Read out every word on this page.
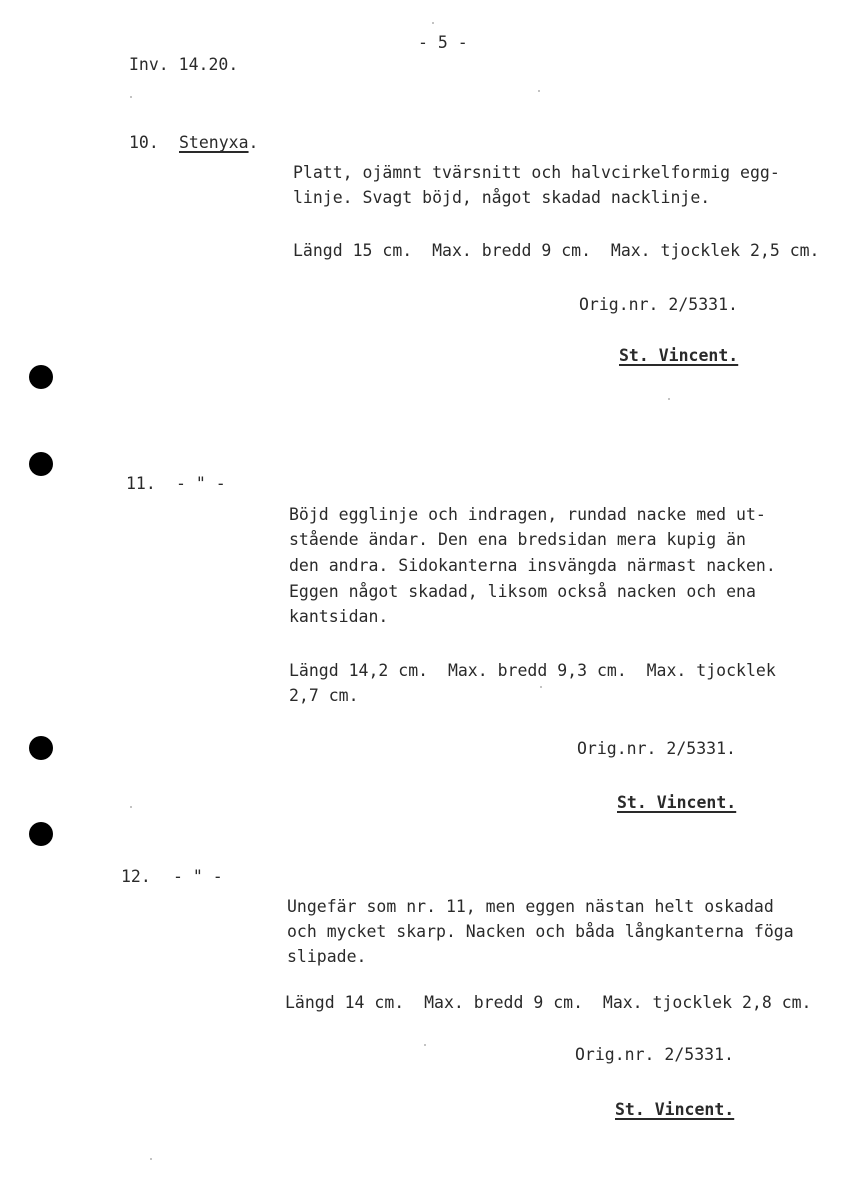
- 5 -
Inv. 14.20.
10. Stenyxa.
Platt, ojämnt tvärsnitt och halvcirkelformig egg-
linje. Svagt böjd, något skadad nacklinje.
Längd 15 cm.  Max. bredd 9 cm.  Max. tjocklek 2,5 cm.
Orig.nr. 2/5331.
St. Vincent.
11. - " -
Böjd egglinje och indragen, rundad nacke med ut-
stående ändar. Den ena bredsidan mera kupig än
den andra. Sidokanterna insvängda närmast nacken.
Eggen något skadad, liksom också nacken och ena
kantsidan.
Längd 14,2 cm.  Max. bredd 9,3 cm.  Max. tjocklek
2,7 cm.
Orig.nr. 2/5331.
St. Vincent.
12. - " -
Ungefär som nr. 11, men eggen nästan helt oskadad
och mycket skarp. Nacken och båda långkanterna föga
slipade.
Längd 14 cm.  Max. bredd 9 cm.  Max. tjocklek 2,8 cm.
Orig.nr. 2/5331.
St. Vincent.
